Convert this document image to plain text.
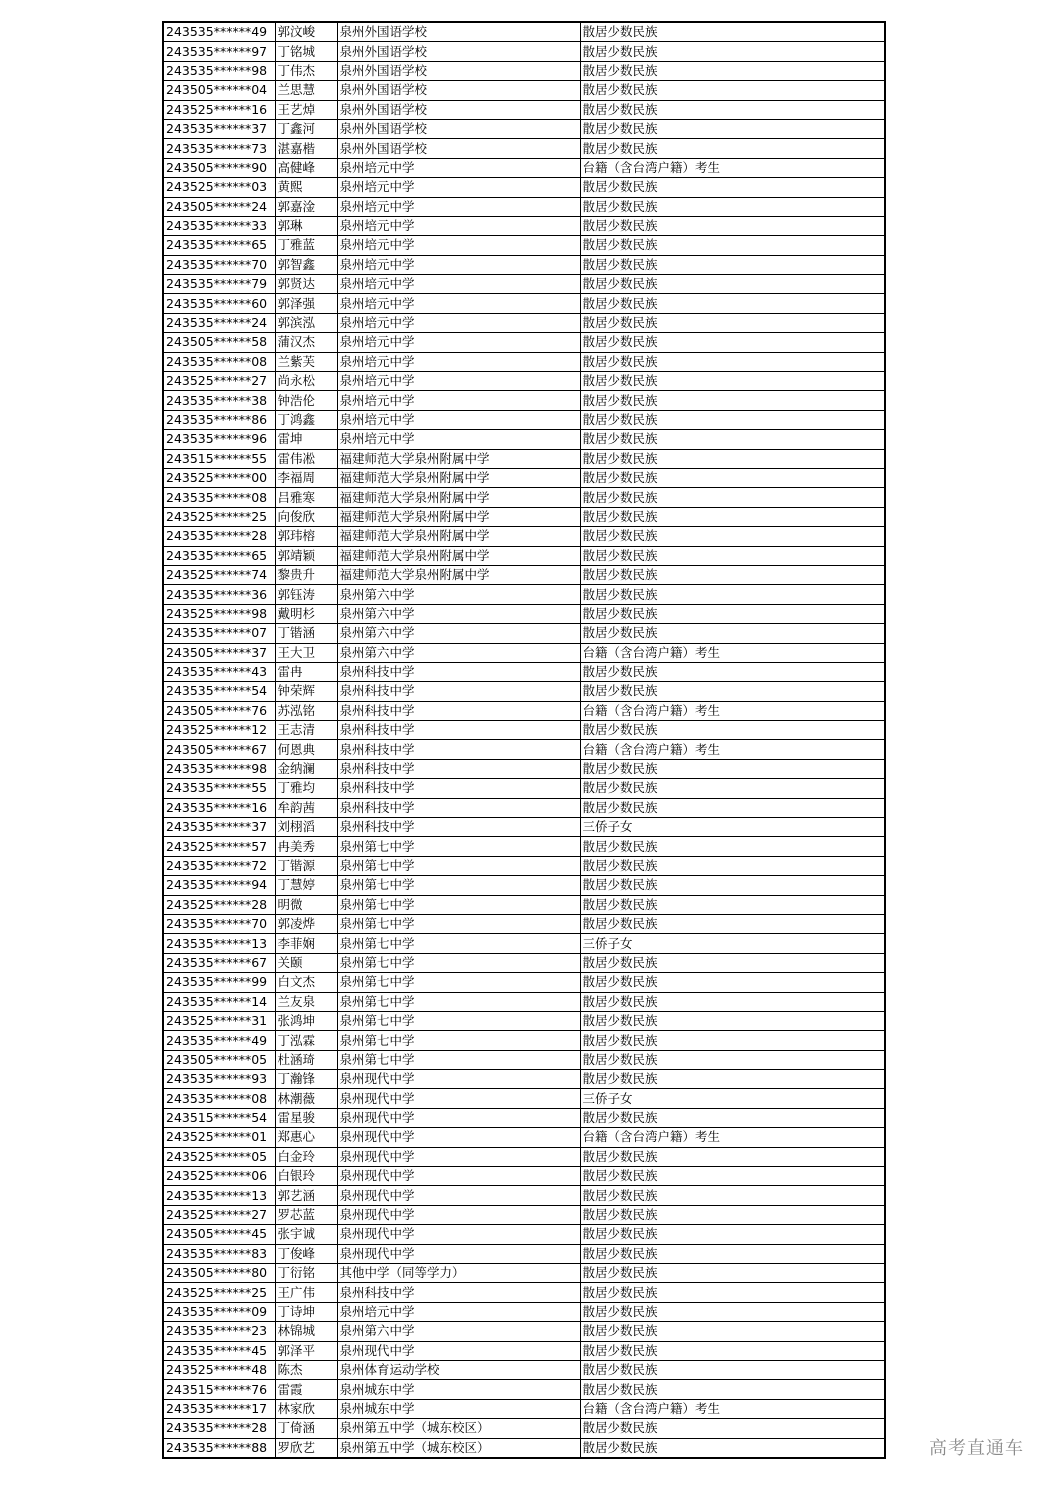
243535******49	郭汶峻	泉州外国语学校	散居少数民族
243535******97	丁铭城	泉州外国语学校	散居少数民族
243535******98	丁伟杰	泉州外国语学校	散居少数民族
243505******04	兰思慧	泉州外国语学校	散居少数民族
243525******16	王艺焯	泉州外国语学校	散居少数民族
243535******37	丁鑫河	泉州外国语学校	散居少数民族
243535******73	湛嘉楷	泉州外国语学校	散居少数民族
243505******90	高健峰	泉州培元中学	台籍（含台湾户籍）考生
243525******03	黄熙	泉州培元中学	散居少数民族
243505******24	郭嘉淦	泉州培元中学	散居少数民族
243535******33	郭琳	泉州培元中学	散居少数民族
243535******65	丁雅蓝	泉州培元中学	散居少数民族
243535******70	郭智鑫	泉州培元中学	散居少数民族
243535******79	郭贤达	泉州培元中学	散居少数民族
243535******60	郭泽强	泉州培元中学	散居少数民族
243535******24	郭滨泓	泉州培元中学	散居少数民族
243505******58	蒲汉杰	泉州培元中学	散居少数民族
243535******08	兰紫芙	泉州培元中学	散居少数民族
243525******27	尚永松	泉州培元中学	散居少数民族
243535******38	钟浩伦	泉州培元中学	散居少数民族
243535******86	丁鸿鑫	泉州培元中学	散居少数民族
243535******96	雷坤	泉州培元中学	散居少数民族
243515******55	雷伟凇	福建师范大学泉州附属中学	散居少数民族
243525******00	李福周	福建师范大学泉州附属中学	散居少数民族
243535******08	吕雅寒	福建师范大学泉州附属中学	散居少数民族
243525******25	向俊欣	福建师范大学泉州附属中学	散居少数民族
243535******28	郭玮榕	福建师范大学泉州附属中学	散居少数民族
243535******65	郭靖颖	福建师范大学泉州附属中学	散居少数民族
243525******74	黎贵升	福建师范大学泉州附属中学	散居少数民族
243535******36	郭钰涛	泉州第六中学	散居少数民族
243525******98	戴明杉	泉州第六中学	散居少数民族
243535******07	丁锴涵	泉州第六中学	散居少数民族
243505******37	王大卫	泉州第六中学	台籍（含台湾户籍）考生
243535******43	雷冉	泉州科技中学	散居少数民族
243535******54	钟荣辉	泉州科技中学	散居少数民族
243505******76	苏泓铭	泉州科技中学	台籍（含台湾户籍）考生
243525******12	王志清	泉州科技中学	散居少数民族
243505******67	何恩典	泉州科技中学	台籍（含台湾户籍）考生
243535******98	金纳澜	泉州科技中学	散居少数民族
243535******55	丁雅均	泉州科技中学	散居少数民族
243535******16	牟韵茜	泉州科技中学	散居少数民族
243535******37	刘栩滔	泉州科技中学	三侨子女
243525******57	冉美秀	泉州第七中学	散居少数民族
243535******72	丁锴源	泉州第七中学	散居少数民族
243535******94	丁慧婷	泉州第七中学	散居少数民族
243525******28	明微	泉州第七中学	散居少数民族
243535******70	郭凌烨	泉州第七中学	散居少数民族
243535******13	李菲娴	泉州第七中学	三侨子女
243535******67	关颐	泉州第七中学	散居少数民族
243535******99	白文杰	泉州第七中学	散居少数民族
243535******14	兰友泉	泉州第七中学	散居少数民族
243525******31	张鸿坤	泉州第七中学	散居少数民族
243535******49	丁泓霖	泉州第七中学	散居少数民族
243505******05	杜涵琦	泉州第七中学	散居少数民族
243535******93	丁瀚锋	泉州现代中学	散居少数民族
243535******08	林潮薇	泉州现代中学	三侨子女
243515******54	雷星骏	泉州现代中学	散居少数民族
243525******01	郑惠心	泉州现代中学	台籍（含台湾户籍）考生
243525******05	白金玲	泉州现代中学	散居少数民族
243525******06	白银玲	泉州现代中学	散居少数民族
243535******13	郭艺涵	泉州现代中学	散居少数民族
243525******27	罗芯蓝	泉州现代中学	散居少数民族
243505******45	张宇诚	泉州现代中学	散居少数民族
243535******83	丁俊峰	泉州现代中学	散居少数民族
243505******80	丁衍铭	其他中学（同等学力）	散居少数民族
243525******25	王广伟	泉州科技中学	散居少数民族
243535******09	丁诗坤	泉州培元中学	散居少数民族
243535******23	林锦城	泉州第六中学	散居少数民族
243535******45	郭泽平	泉州现代中学	散居少数民族
243525******48	陈杰	泉州体育运动学校	散居少数民族
243515******76	雷霞	泉州城东中学	散居少数民族
243535******17	林家欣	泉州城东中学	台籍（含台湾户籍）考生
243535******28	丁倚涵	泉州第五中学（城东校区）	散居少数民族
243535******88	罗欣艺	泉州第五中学（城东校区）	散居少数民族	高考直通车
